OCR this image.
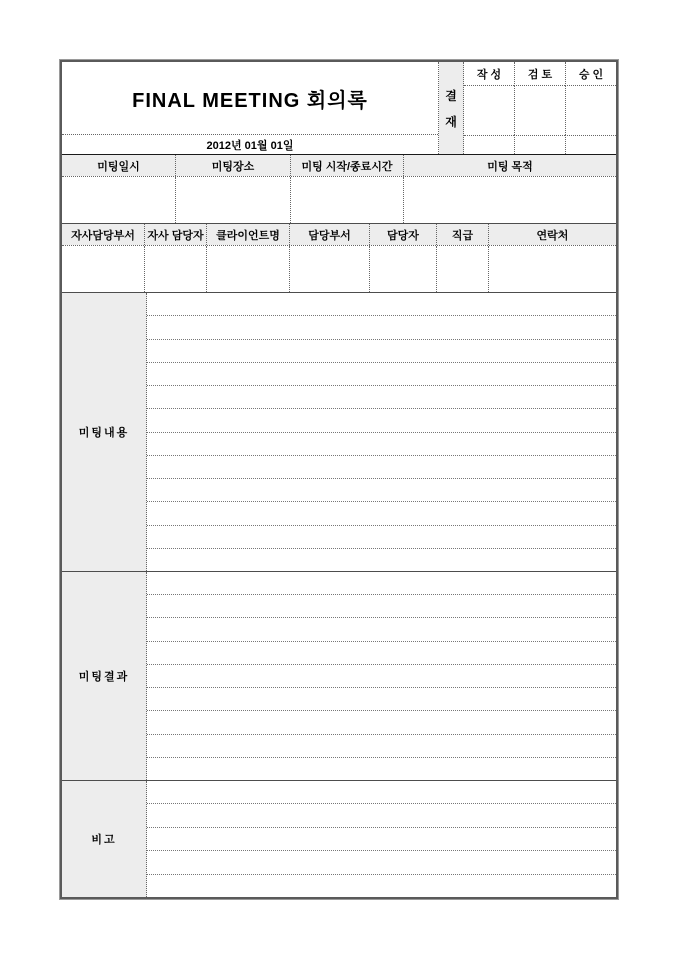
FINAL MEETING 회의록
2012년 01월 01일
결
재
작 성	검 토	승 인
미팅일시	미팅장소	미팅 시작/종료시간	미팅 목적
자사담당부서	자사 담당자	클라이언트명	담당부서	담당자	직급	연락처
미팅내용
미팅결과
비고
